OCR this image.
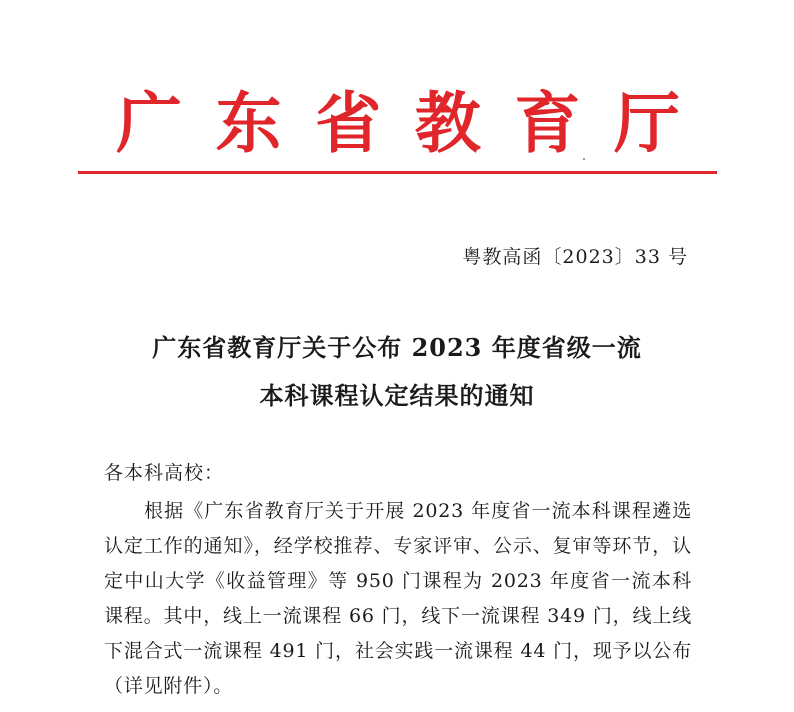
广 东 省 教 育 厅
粤教高函〔2023〕33 号
广东省教育厅关于公布 2023 年度省级一流
本科课程认定结果的通知
各本科高校：
根据《广东省教育厅关于开展 2023 年度省一流本科课程遴选认定工作的通知》，经学校推荐、专家评审、公示、复审等环节，认定中山大学《收益管理》等 950 门课程为 2023 年度省一流本科课程。其中，线上一流课程 66 门，线下一流课程 349 门，线上线下混合式一流课程 491 门，社会实践一流课程 44 门，现予以公布（详见附件）。
